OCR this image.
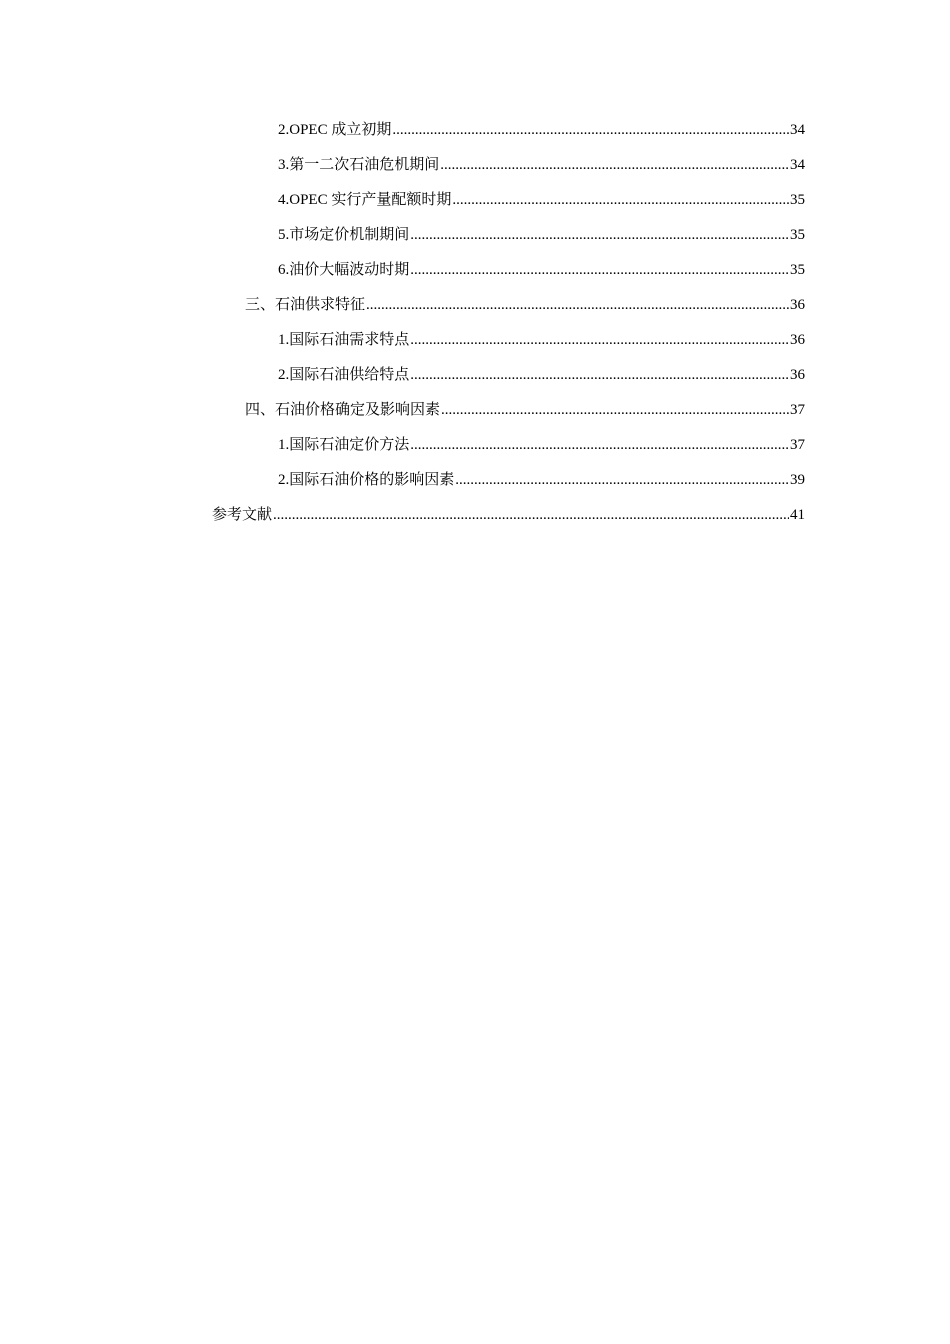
2.OPEC 成立初期 .....	34
3.第一二次石油危机期间 .....	34
4.OPEC 实行产量配额时期 .....	35
5.市场定价机制期间 .....	35
6.油价大幅波动时期 .....	35
三、石油供求特征 .....	36
1.国际石油需求特点 .....	36
2.国际石油供给特点 .....	36
四、石油价格确定及影响因素 .....	37
1.国际石油定价方法 .....	37
2.国际石油价格的影响因素 .....	39
参考文献 .....	41
